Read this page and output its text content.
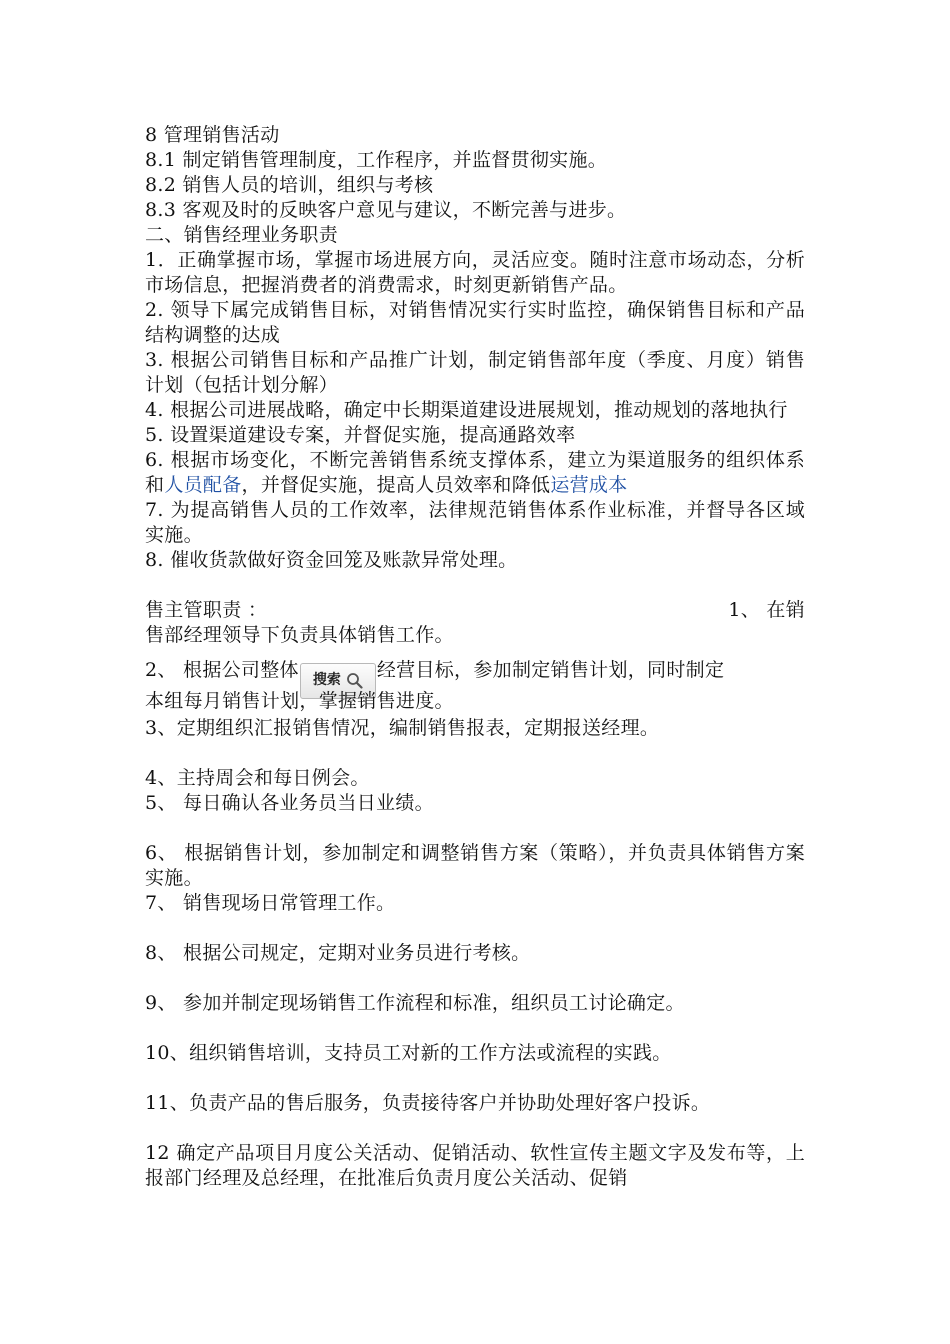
8 管理销售活动
8.1 制定销售管理制度，工作程序，并监督贯彻实施。
8.2 销售人员的培训，组织与考核
8.3 客观及时的反映客户意见与建议，不断完善与进步。
二、销售经理业务职责
1．正确掌握市场，掌握市场进展方向，灵活应变。随时注意市场动态，分析市场信息，把握消费者的消费需求，时刻更新销售产品。
2. 领导下属完成销售目标，对销售情况实行实时监控，确保销售目标和产品结构调整的达成
3. 根据公司销售目标和产品推广计划，制定销售部年度（季度、月度）销售计划（包括计划分解）
4. 根据公司进展战略，确定中长期渠道建设进展规划，推动规划的落地执行
5. 设置渠道建设专案，并督促实施，提高通路效率
6. 根据市场变化，不断完善销售系统支撑体系，建立为渠道服务的组织体系和人员配备，并督促实施，提高人员效率和降低运营成本
7. 为提高销售人员的工作效率，法律规范销售体系作业标准，并督导各区域实施。
8. 催收货款做好资金回笼及账款异常处理。
售主管职责 ：	1、 在销
售部经理领导下负责具体销售工作。
2、 根据公司整体 搜索 经营目标，参加制定销售计划，同时制定
本组每月销售计划，掌握销售进度。
3、定期组织汇报销售情况，编制销售报表，定期报送经理。
4、主持周会和每日例会。
5、 每日确认各业务员当日业绩。
6、 根据销售计划，参加制定和调整销售方案（策略），并负责具体销售方案实施。
7、 销售现场日常管理工作。
8、 根据公司规定，定期对业务员进行考核。
9、 参加并制定现场销售工作流程和标准，组织员工讨论确定。
10、组织销售培训，支持员工对新的工作方法或流程的实践。
11、负责产品的售后服务，负责接待客户并协助处理好客户投诉。
12 确定产品项目月度公关活动、促销活动、软性宣传主题文字及发布等，上报部门经理及总经理，在批准后负责月度公关活动、促销
